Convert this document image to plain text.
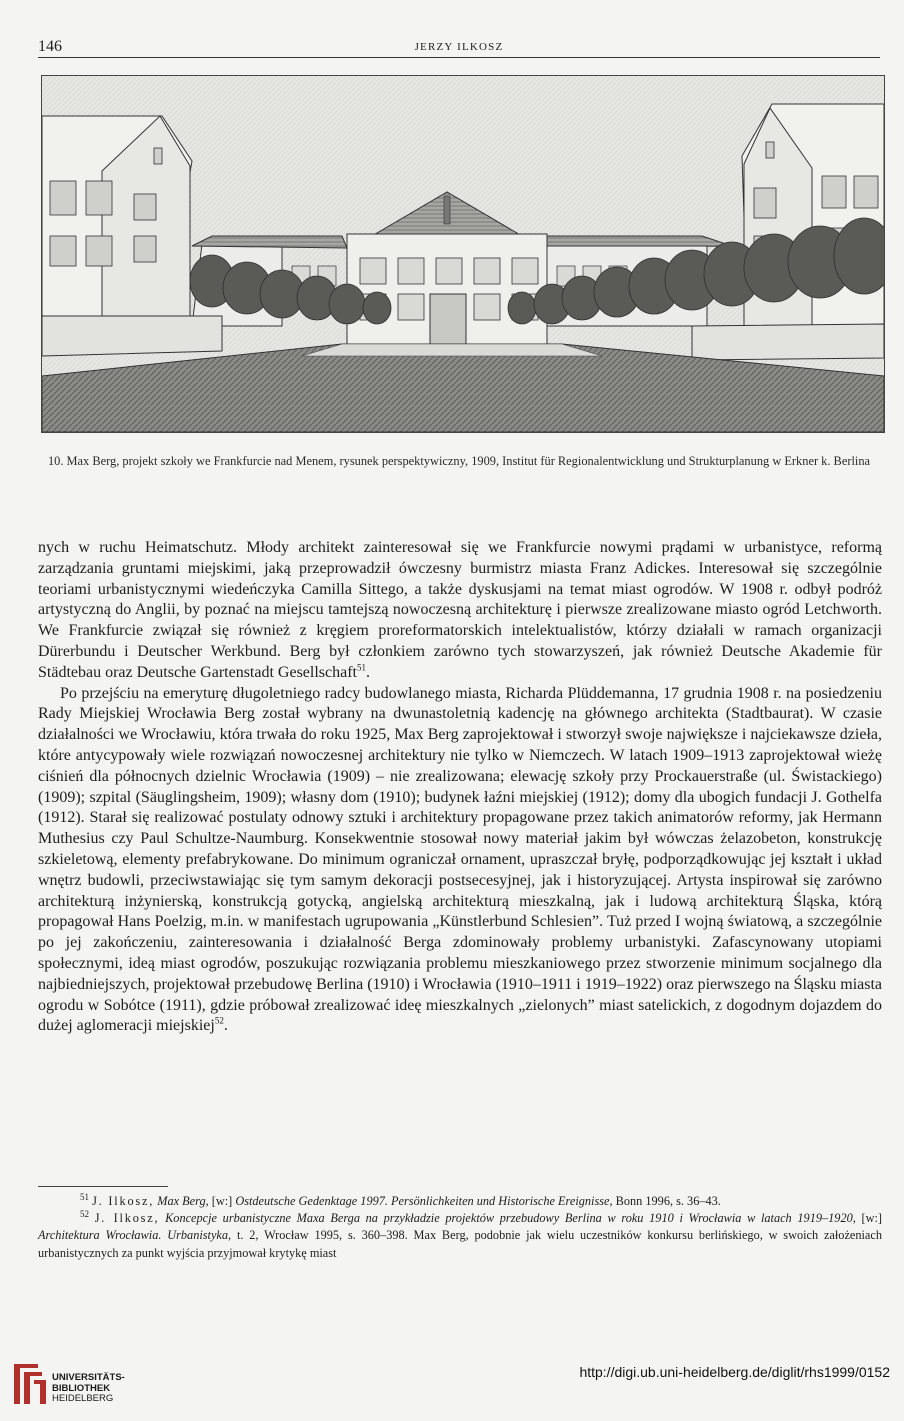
146	JERZY ILKOSZ
10. Max Berg, projekt szkoły we Frankfurcie nad Menem, rysunek perspektywiczny, 1909, Institut für Regionalentwicklung und Strukturplanung w Erkner k. Berlina

nych w ruchu Heimatschutz. Młody architekt zainteresował się we Frankfurcie nowymi prądami w urbanistyce, reformą zarządzania gruntami miejskimi, jaką przeprowadził ówczesny burmistrz miasta Franz Adickes. Interesował się szczególnie teoriami urbanistycznymi wiedeńczyka Camilla Sittego, a także dyskusjami na temat miast ogrodów. W 1908 r. odbył podróż artystyczną do Anglii, by poznać na miejscu tamtejszą nowoczesną architekturę i pierwsze zrealizowane miasto ogród Letchworth. We Frankfurcie związał się również z kręgiem proreformatorskich intelektualistów, którzy działali w ramach organizacji Dürerbundu i Deutscher Werkbund. Berg był członkiem zarówno tych stowarzyszeń, jak również Deutsche Akademie für Städtebau oraz Deutsche Gartenstadt Gesellschaft$^{51}$.

Po przejściu na emeryturę długoletniego radcy budowlanego miasta, Richarda Plüddemanna, 17 grudnia 1908 r. na posiedzeniu Rady Miejskiej Wrocławia Berg został wybrany na dwunastoletnią kadencję na głównego architekta (Stadtbaurat). W czasie działalności we Wrocławiu, która trwała do roku 1925, Max Berg zaprojektował i stworzył swoje największe i najciekawsze dzieła, które antycypowały wiele rozwiązań nowoczesnej architektury nie tylko w Niemczech. W latach 1909–1913 zaprojektował wieżę ciśnień dla północnych dzielnic Wrocławia (1909) – nie zrealizowana; elewację szkoły przy Prockauerstraße (ul. Świstackiego) (1909); szpital (Säuglingsheim, 1909); własny dom (1910); budynek łaźni miejskiej (1912); domy dla ubogich fundacji J. Gothelfa (1912). Starał się realizować postulaty odnowy sztuki i architektury propagowane przez takich animatorów reformy, jak Hermann Muthesius czy Paul Schultze-Naumburg. Konsekwentnie stosował nowy materiał jakim był wówczas żelazobeton, konstrukcję szkieletową, elementy prefabrykowane. Do minimum ograniczał ornament, upraszczał bryłę, podporządkowując jej kształt i układ wnętrz budowli, przeciwstawiając się tym samym dekoracji postsecesyjnej, jak i historyzującej. Artysta inspirował się zarówno architekturą inżynierską, konstrukcją gotycką, angielską architekturą mieszkalną, jak i ludową architekturą Śląska, którą propagował Hans Poelzig, m.in. w manifestach ugrupowania „Künstlerbund Schlesien”. Tuż przed I wojną światową, a szczególnie po jej zakończeniu, zainteresowania i działalność Berga zdominowały problemy urbanistyki. Zafascynowany utopiami społecznymi, ideą miast ogrodów, poszukując rozwiązania problemu mieszkaniowego przez stworzenie minimum socjalnego dla najbiedniejszych, projektował przebudowę Berlina (1910) i Wrocławia (1910–1911 i 1919–1922) oraz pierwszego na Śląsku miasta ogrodu w Sobótce (1911), gdzie próbował zrealizować ideę mieszkalnych „zielonych” miast satelickich, z dogodnym dojazdem do dużej aglomeracji miejskiej$^{52}$.

$^{51}$ J. Ilkosz, Max Berg, [w:] Ostdeutsche Gedenktage 1997. Persönlichkeiten und Historische Ereignisse, Bonn 1996, s. 36–43.

$^{52}$ J. Ilkosz, Koncepcje urbanistyczne Maxa Berga na przykładzie projektów przebudowy Berlina w roku 1910 i Wrocławia w latach 1919–1920, [w:] Architektura Wrocławia. Urbanistyka, t. 2, Wrocław 1995, s. 360–398. Max Berg, podobnie jak wielu uczestników konkursu berlińskiego, w swoich założeniach urbanistycznych za punkt wyjścia przyjmował krytykę miast

UNIVERSITÄTS-
BIBLIOTHEK
HEIDELBERG
http://digi.ub.uni-heidelberg.de/diglit/rhs1999/0152
